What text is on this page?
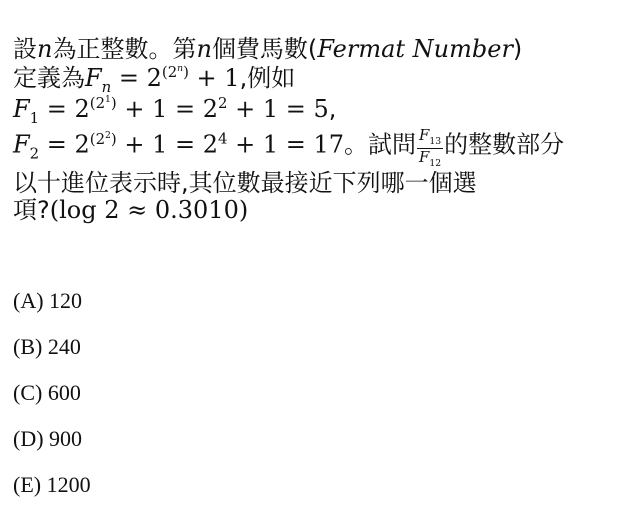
設n為正整數。第n個費馬數(Fermat Number)
定義為$F_n = 2^{(2^n)} + 1$,例如
$F_1 = 2^{(2^1)} + 1 = 2^2 + 1 = 5$,
$F_2 = 2^{(2^2)} + 1 = 2^4 + 1 = 17$。試問 $\frac{F_{13}}{F_{12}}$ 的整數部分
以十進位表示時,其位數最接近下列哪一個選
項?(log 2 ≈ 0.3010)
(A) 120
(B) 240
(C) 600
(D) 900
(E) 1200
